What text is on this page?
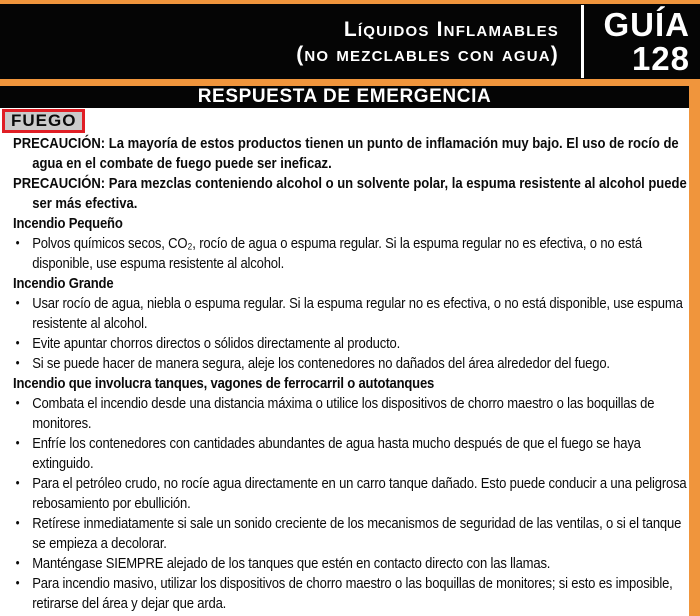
Líquidos Inflamables
(no mezclables con agua)
GUÍA
128
RESPUESTA DE EMERGENCIA
FUEGO

PRECAUCIÓN: La mayoría de estos productos tienen un punto de inflamación muy bajo. El uso de rocío de agua en el combate de fuego puede ser ineficaz.

PRECAUCIÓN: Para mezclas conteniendo alcohol o un solvente polar, la espuma resistente al alcohol puede ser más efectiva.

Incendio Pequeño

• Polvos químicos secos, CO₂, rocío de agua o espuma regular. Si la espuma regular no es efectiva, o no está disponible, use espuma resistente al alcohol.

Incendio Grande

• Usar rocío de agua, niebla o espuma regular. Si la espuma regular no es efectiva, o no está disponible, use espuma resistente al alcohol.
• Evite apuntar chorros directos o sólidos directamente al producto.
• Si se puede hacer de manera segura, aleje los contenedores no dañados del área alrededor del fuego.

Incendio que involucra tanques, vagones de ferrocarril o autotanques

• Combata el incendio desde una distancia máxima o utilice los dispositivos de chorro maestro o las boquillas de monitores.
• Enfríe los contenedores con cantidades abundantes de agua hasta mucho después de que el fuego se haya extinguido.
• Para el petróleo crudo, no rocíe agua directamente en un carro tanque dañado. Esto puede conducir a una peligrosa rebosamiento por ebullición.
• Retírese inmediatamente si sale un sonido creciente de los mecanismos de seguridad de las ventilas, o si el tanque se empieza a decolorar.
• Manténgase SIEMPRE alejado de los tanques que estén en contacto directo con las llamas.
• Para incendio masivo, utilizar los dispositivos de chorro maestro o las boquillas de monitores; si esto es imposible, retirarse del área y dejar que arda.
